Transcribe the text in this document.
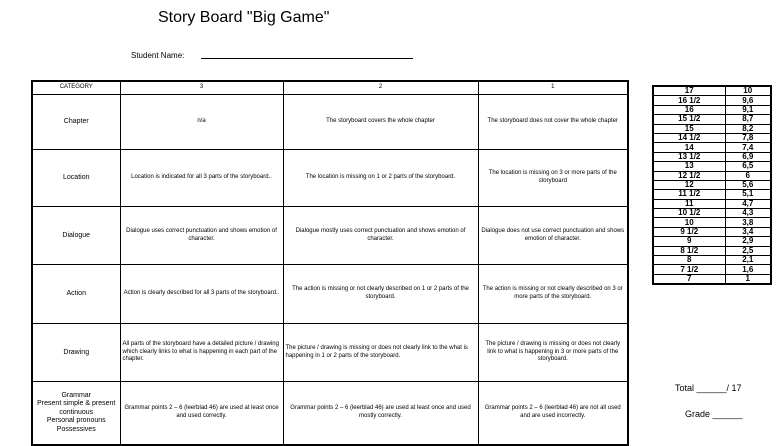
Story Board "Big Game"
Student Name:
CATEGORY	3	2	1
Chapter	n/a	The storyboard covers the whole chapter	The storyboard does not cover the whole chapter
Location	Location is indicated for all 3 parts of the storyboard..	The location is missing on 1 or 2 parts of the storyboard.	The location is missing on 3 or more parts of the storyboard
Dialogue	Dialogue uses correct punctuation and shows emotion of character.	Dialogue mostly uses correct punctuation and shows emotion of character.	Dialogue does not use correct punctuation and shows emotion of character.
Action	Action is clearly described for all 3 parts of the storyboard..	The action is missing or not clearly described on 1 or 2 parts of the storyboard.	The action is missing or not clearly described on 3 or more parts of the storyboard.
Drawing	All parts of the storyboard have a detailed picture / drawing which clearly links to what is happening in each part of the chapter.	The picture / drawing is missing or does not clearly link to the what is happening in 1 or 2 parts of the storyboard.	The picture / drawing is missing or does not clearly link to what is happening in 3 or more parts of the storyboard.

Grammar
Present simple & present continuous
Personal pronouns
Possessives	Grammar points 2 – 6 (leerblad 46) are used at least once and used correctly.	Grammar points 2 – 6 (leerblad 46) are used at least once and used mostly correctly.	Grammar points 2 – 6 (leerblad 46) are not all used and are used incorrectly.
17	10
16 1/2	9,6
16	9,1
15 1/2	8,7
15	8,2
14 1/2	7,8
14	7,4
13 1/2	6,9
13	6,5
12 1/2	6
12	5,6
11 1/2	5,1
11	4,7
10 1/2	4,3
10	3,8
9 1/2	3,4
9	2,9
8 1/2	2,5
8	2,1
7 1/2	1,6
7	1
Total ______/ 17
Grade ______
